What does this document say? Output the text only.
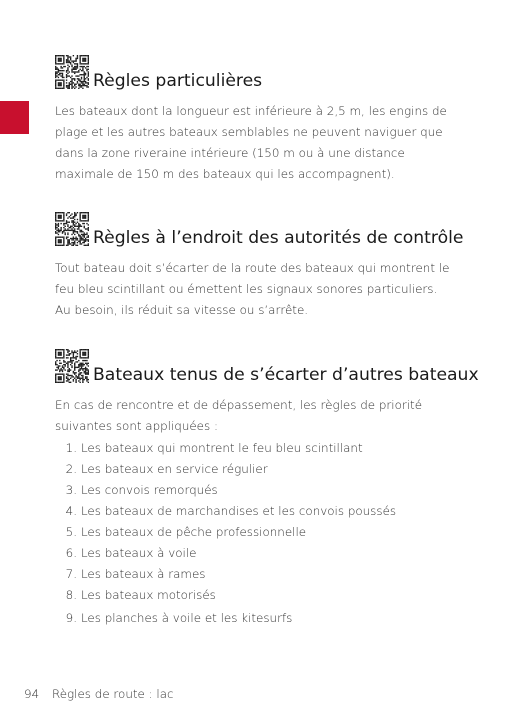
Règles particulières

Les bateaux dont la longueur est inférieure à 2,5 m, les engins de plage et les autres bateaux semblables ne peuvent naviguer que dans la zone riveraine intérieure (150 m ou à une distance maximale de 150 m des bateaux qui les accompagnent).

Règles à l’endroit des autorités de contrôle

Tout bateau doit s’écarter de la route des bateaux qui montrent le feu bleu scintillant ou émettent les signaux sonores particuliers. Au besoin, ils réduit sa vitesse ou s’arrête.

Bateaux tenus de s’écarter d’autres bateaux

En cas de rencontre et de dépassement, les règles de priorité suivantes sont appliquées :

1. Les bateaux qui montrent le feu bleu scintillant
2. Les bateaux en service régulier
3. Les convois remorqués
4. Les bateaux de marchandises et les convois poussés
5. Les bateaux de pêche professionnelle
6. Les bateaux à voile
7. Les bateaux à rames
8. Les bateaux motorisés
9. Les planches à voile et les kitesurfs
94 Règles de route : lac
